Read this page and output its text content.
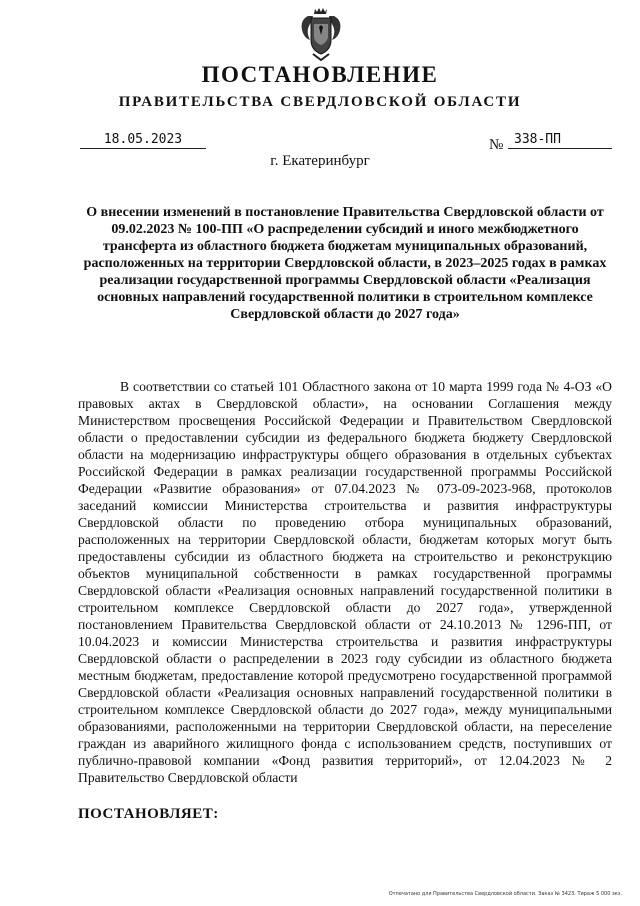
ПОСТАНОВЛЕНИЕ
ПРАВИТЕЛЬСТВА СВЕРДЛОВСКОЙ ОБЛАСТИ
18.05.2023	№ 338-ПП
г. Екатеринбург
О внесении изменений в постановление Правительства Свердловской области от 09.02.2023 № 100-ПП «О распределении субсидий и иного межбюджетного трансферта из областного бюджета бюджетам муниципальных образований, расположенных на территории Свердловской области, в 2023–2025 годах в рамках реализации государственной программы Свердловской области «Реализация основных направлений государственной политики в строительном комплексе Свердловской области до 2027 года»
В соответствии со статьей 101 Областного закона от 10 марта 1999 года № 4-ОЗ «О правовых актах в Свердловской области», на основании Соглашения между Министерством просвещения Российской Федерации и Правительством Свердловской области о предоставлении субсидии из федерального бюджета бюджету Свердловской области на модернизацию инфраструктуры общего образования в отдельных субъектах Российской Федерации в рамках реализации государственной программы Российской Федерации «Развитие образования» от 07.04.2023 № 073-09-2023-968, протоколов заседаний комиссии Министерства строительства и развития инфраструктуры Свердловской области по проведению отбора муниципальных образований, расположенных на территории Свердловской области, бюджетам которых могут быть предоставлены субсидии из областного бюджета на строительство и реконструкцию объектов муниципальной собственности в рамках государственной программы Свердловской области «Реализация основных направлений государственной политики в строительном комплексе Свердловской области до 2027 года», утвержденной постановлением Правительства Свердловской области от 24.10.2013 № 1296-ПП, от 10.04.2023 и комиссии Министерства строительства и развития инфраструктуры Свердловской области о распределении в 2023 году субсидии из областного бюджета местным бюджетам, предоставление которой предусмотрено государственной программой Свердловской области «Реализация основных направлений государственной политики в строительном комплексе Свердловской области до 2027 года», между муниципальными образованиями, расположенными на территории Свердловской области, на переселение граждан из аварийного жилищного фонда с использованием средств, поступивших от публично-правовой компании «Фонд развития территорий», от 12.04.2023 № 2 Правительство Свердловской области
ПОСТАНОВЛЯЕТ:
Отпечатано для Правительства Свердловской области. Заказ № 3423. Тираж 5 000 экз.
